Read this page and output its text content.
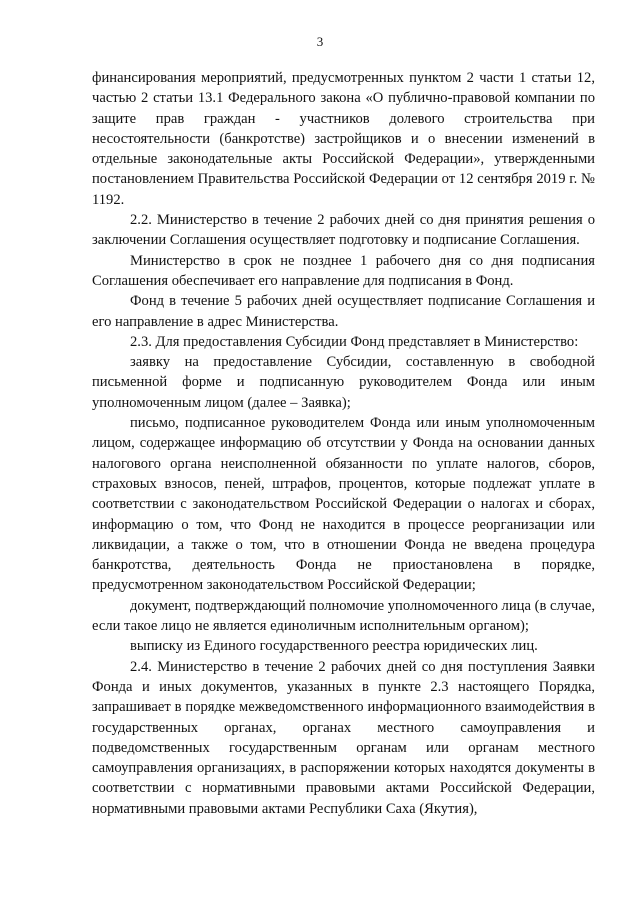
3

финансирования мероприятий, предусмотренных пунктом 2 части 1 статьи 12, частью 2 статьи 13.1 Федерального закона «О публично-правовой компании по защите прав граждан - участников долевого строительства при несостоятельности (банкротстве) застройщиков и о внесении изменений в отдельные законодательные акты Российской Федерации», утвержденными постановлением Правительства Российской Федерации от 12 сентября 2019 г. № 1192.

2.2. Министерство в течение 2 рабочих дней со дня принятия решения о заключении Соглашения осуществляет подготовку и подписание Соглашения.

Министерство в срок не позднее 1 рабочего дня со дня подписания Соглашения обеспечивает его направление для подписания в Фонд.

Фонд в течение 5 рабочих дней осуществляет подписание Соглашения и его направление в адрес Министерства.

2.3. Для предоставления Субсидии Фонд представляет в Министерство:

заявку на предоставление Субсидии, составленную в свободной письменной форме и подписанную руководителем Фонда или иным уполномоченным лицом (далее – Заявка);

письмо, подписанное руководителем Фонда или иным уполномоченным лицом, содержащее информацию об отсутствии у Фонда на основании данных налогового органа неисполненной обязанности по уплате налогов, сборов, страховых взносов, пеней, штрафов, процентов, которые подлежат уплате в соответствии с законодательством Российской Федерации о налогах и сборах, информацию о том, что Фонд не находится в процессе реорганизации или ликвидации, а также о том, что в отношении Фонда не введена процедура банкротства, деятельность Фонда не приостановлена в порядке, предусмотренном законодательством Российской Федерации;

документ, подтверждающий полномочие уполномоченного лица (в случае, если такое лицо не является единоличным исполнительным органом);

выписку из Единого государственного реестра юридических лиц.

2.4. Министерство в течение 2 рабочих дней со дня поступления Заявки Фонда и иных документов, указанных в пункте 2.3 настоящего Порядка, запрашивает в порядке межведомственного информационного взаимодействия в государственных органах, органах местного самоуправления и подведомственных государственным органам или органам местного самоуправления организациях, в распоряжении которых находятся документы в соответствии с нормативными правовыми актами Российской Федерации, нормативными правовыми актами Республики Саха (Якутия),
